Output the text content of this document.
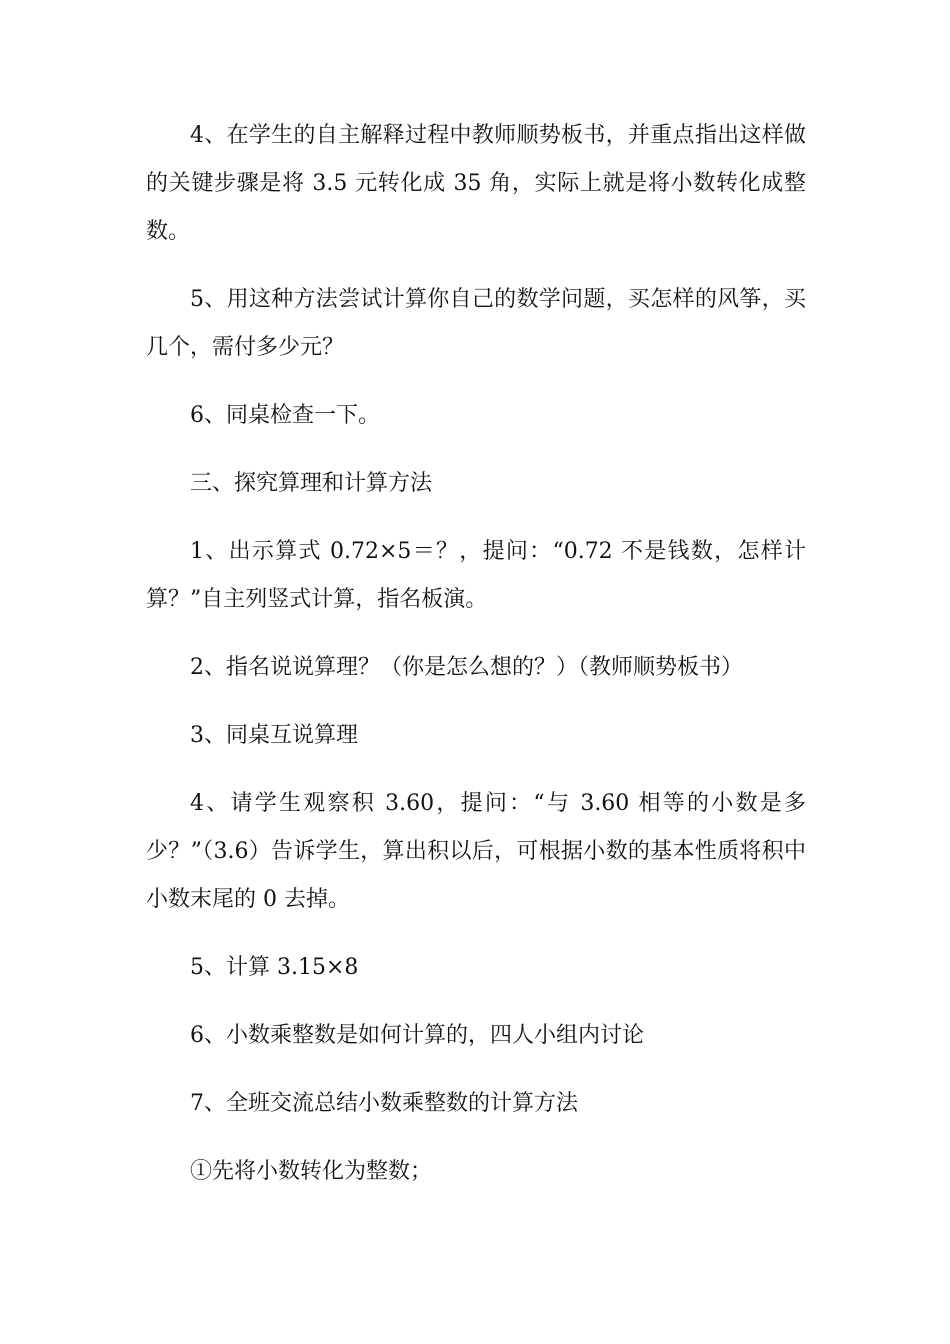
4、在学生的自主解释过程中教师顺势板书，并重点指出这样做的关键步骤是将 3.5 元转化成 35 角，实际上就是将小数转化成整数。

5、用这种方法尝试计算你自己的数学问题，买怎样的风筝，买几个，需付多少元？

6、同桌检查一下。

三、探究算理和计算方法

1、出示算式 0.72×5＝？，提问：“0.72 不是钱数，怎样计算？”自主列竖式计算，指名板演。

2、指名说说算理？（你是怎么想的？）（教师顺势板书）

3、同桌互说算理

4、请学生观察积 3.60，提问：“与 3.60 相等的小数是多少？”（3.6）告诉学生，算出积以后，可根据小数的基本性质将积中小数末尾的 0 去掉。

5、计算 3.15×8

6、小数乘整数是如何计算的，四人小组内讨论

7、全班交流总结小数乘整数的计算方法

①先将小数转化为整数；
